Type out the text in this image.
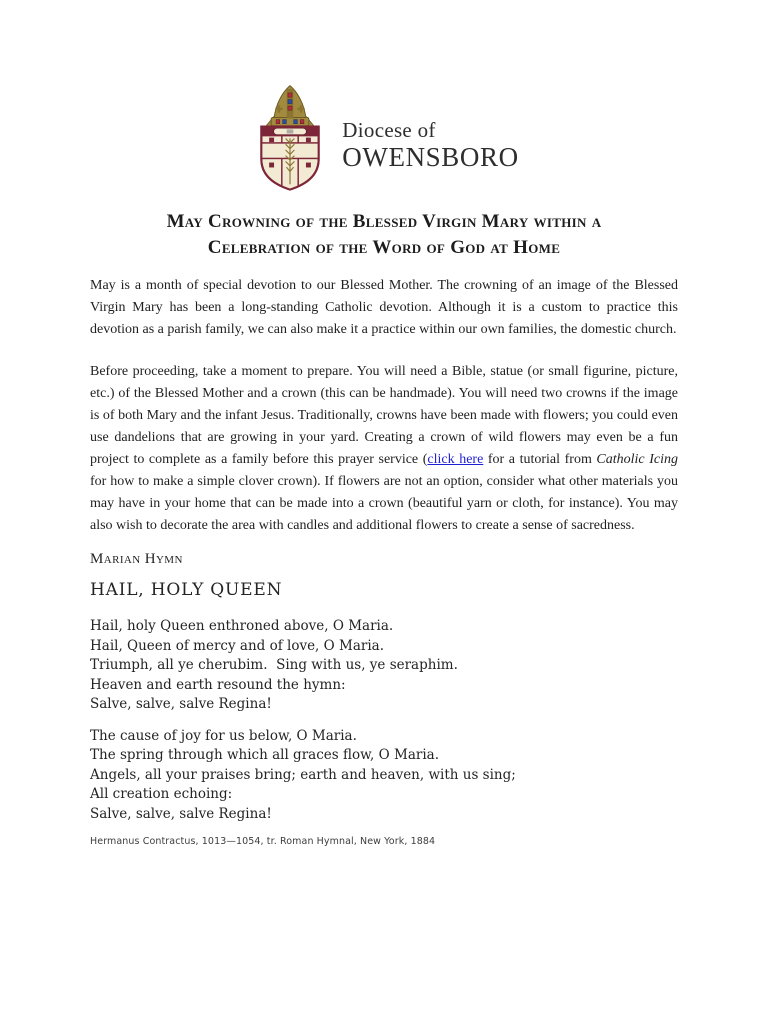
Diocese of
OWENSBORO
May Crowning of the Blessed Virgin Mary within a
Celebration of the Word of God at Home

May is a month of special devotion to our Blessed Mother. The crowning of an image of the Blessed Virgin Mary has been a long-standing Catholic devotion. Although it is a custom to practice this devotion as a parish family, we can also make it a practice within our own families, the domestic church.

Before proceeding, take a moment to prepare. You will need a Bible, statue (or small figurine, picture, etc.) of the Blessed Mother and a crown (this can be handmade). You will need two crowns if the image is of both Mary and the infant Jesus. Traditionally, crowns have been made with flowers; you could even use dandelions that are growing in your yard. Creating a crown of wild flowers may even be a fun project to complete as a family before this prayer service (click here for a tutorial from Catholic Icing for how to make a simple clover crown). If flowers are not an option, consider what other materials you may have in your home that can be made into a crown (beautiful yarn or cloth, for instance). You may also wish to decorate the area with candles and additional flowers to create a sense of sacredness.

Marian Hymn
HAIL, HOLY QUEEN
Hail, holy Queen enthroned above, O Maria.
Hail, Queen of mercy and of love, O Maria.
Triumph, all ye cherubim.  Sing with us, ye seraphim.
Heaven and earth resound the hymn:
Salve, salve, salve Regina!
The cause of joy for us below, O Maria.
The spring through which all graces flow, O Maria.
Angels, all your praises bring; earth and heaven, with us sing;
All creation echoing:
Salve, salve, salve Regina!
Hermanus Contractus, 1013—1054, tr. Roman Hymnal, New York, 1884
